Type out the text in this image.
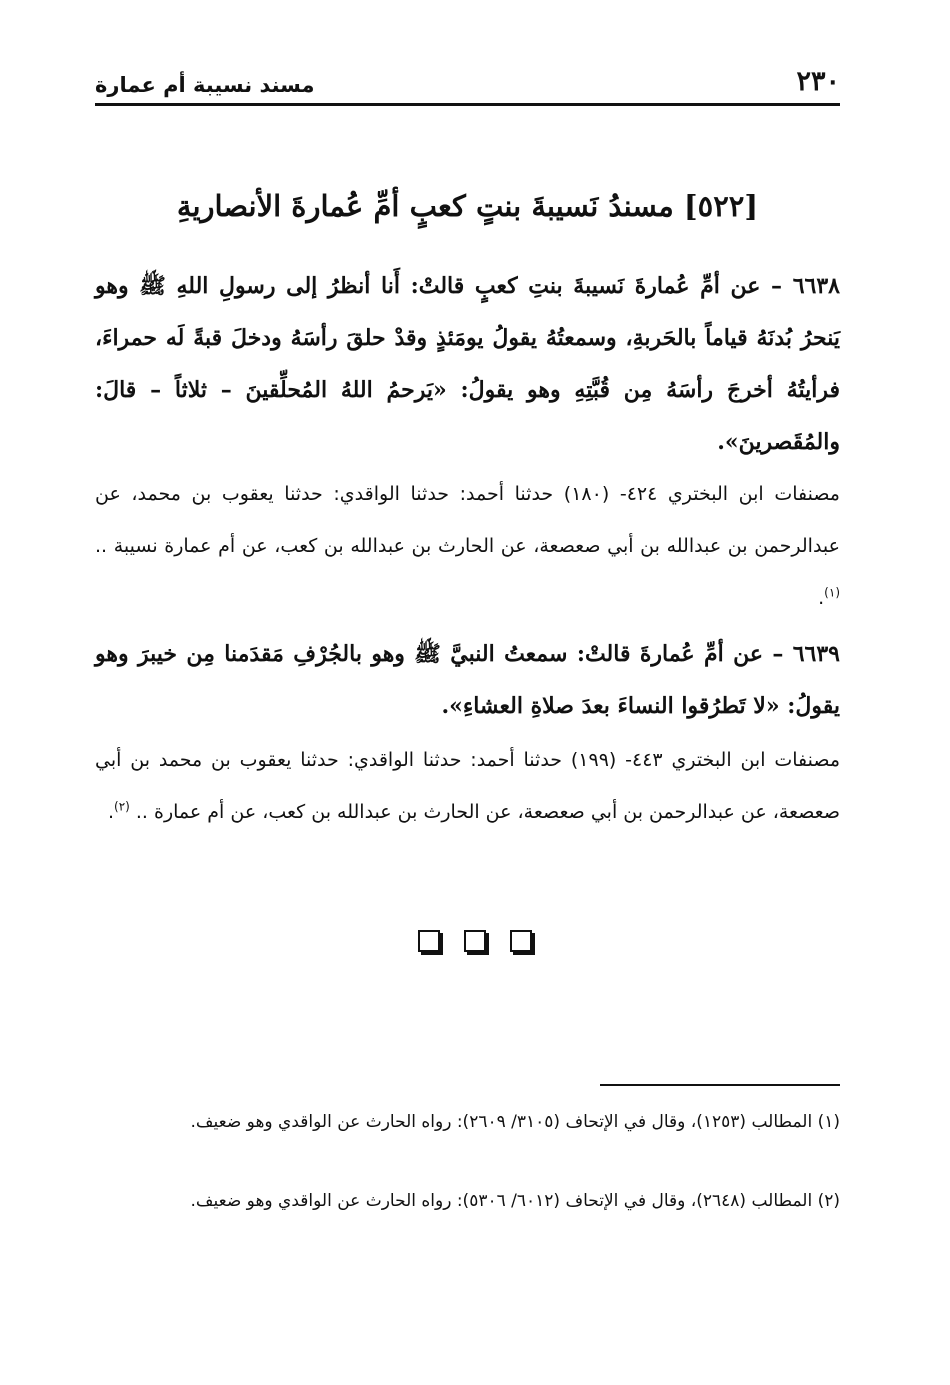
٢٣٠
مسند نسيبة أم عمارة
[٥٢٢] مسندُ نَسيبةَ بنتٍ كعبٍ أمِّ عُمارةَ الأنصاريةِ
٦٦٣٨ – عن أمِّ عُمارةَ نَسيبةَ بنتِ كعبٍ قالتْ: أَنا أنظرُ إلى رسولِ اللهِ ﷺ وهو يَنحرُ بُدنَهُ قياماً بالحَربةِ، وسمعتُهُ يقولُ يومَئذٍ وقدْ حلقَ رأسَهُ ودخلَ قبةً لَه حمراءَ، فرأيتُهُ أخرجَ رأسَهُ مِن قُبَّتِهِ وهو يقولُ: «يَرحمُ اللهُ المُحلِّقينَ – ثلاثاً – قالَ: والمُقَصرينَ».
مصنفات ابن البختري ٤٢٤- (١٨٠) حدثنا أحمد: حدثنا الواقدي: حدثنا يعقوب بن محمد، عن عبدالرحمن بن عبدالله بن أبي صعصعة، عن الحارث بن عبدالله بن كعب، عن أم عمارة نسيبة .. $^{(١)}$.
٦٦٣٩ – عن أمِّ عُمارةَ قالتْ: سمعتُ النبيَّ ﷺ وهو بالجُرْفِ مَقدَمنا مِن خيبرَ وهو يقولُ: «لا تَطرُقوا النساءَ بعدَ صلاةِ العشاءِ».
مصنفات ابن البختري ٤٤٣- (١٩٩) حدثنا أحمد: حدثنا الواقدي: حدثنا يعقوب بن محمد بن أبي صعصعة، عن عبدالرحمن بن أبي صعصعة، عن الحارث بن عبدالله بن كعب، عن أم عمارة .. $^{(٢)}$.
(١) المطالب (١٢٥٣)، وقال في الإتحاف (٣١٠٥/ ٢٦٠٩): رواه الحارث عن الواقدي وهو ضعيف.
(٢) المطالب (٢٦٤٨)، وقال في الإتحاف (٦٠١٢/ ٥٣٠٦): رواه الحارث عن الواقدي وهو ضعيف.
